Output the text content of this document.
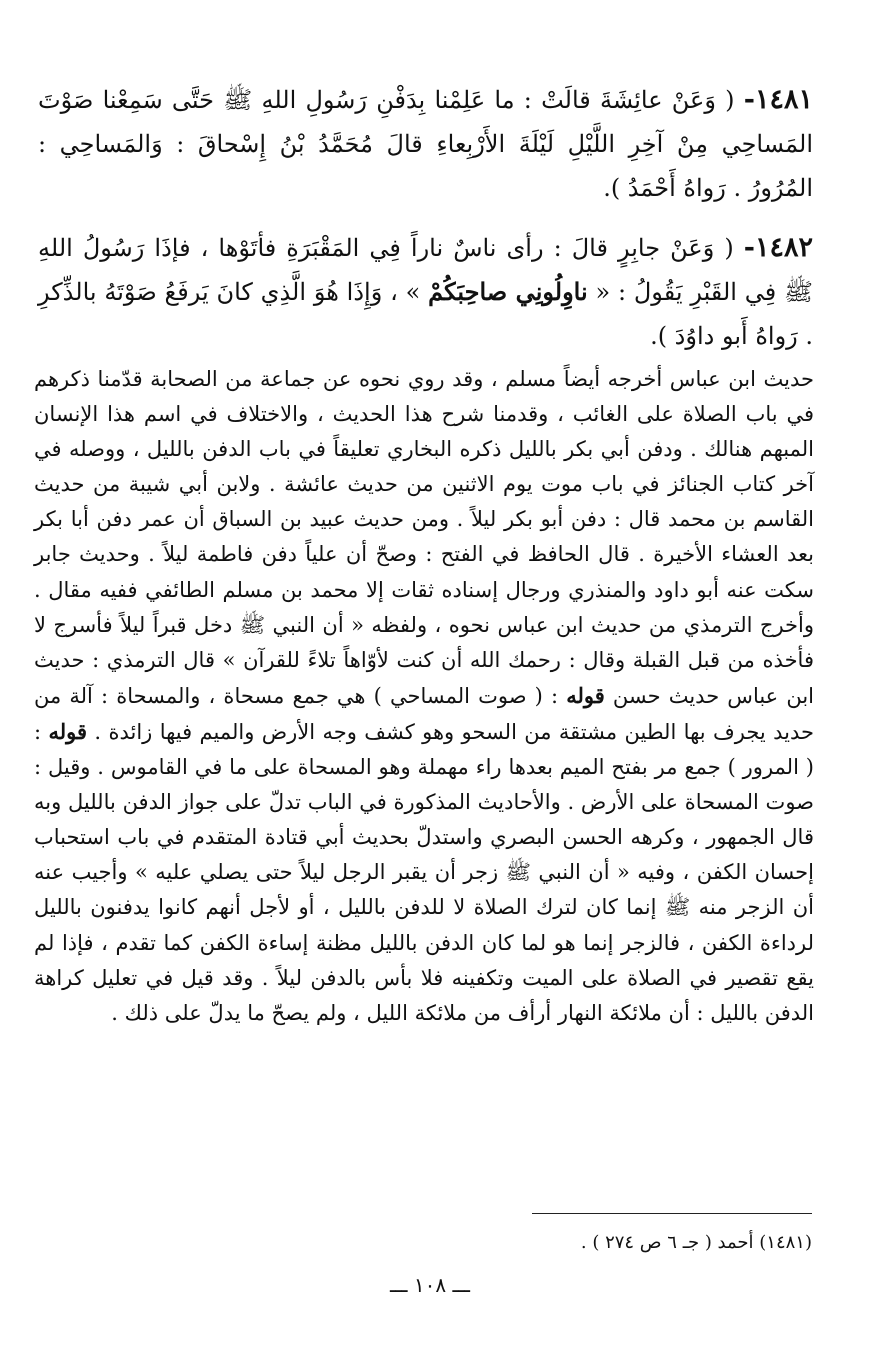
١٤٨١- ( وَعَنْ عائِشَةَ قالَتْ : ما عَلِمْنا بِدَفْنِ رَسُولِ اللهِ ﷺ حَتَّى سَمِعْنا صَوْتَ المَساحِي مِنْ آخِرِ اللَّيْلِ لَيْلَةَ الأَرْبِعاءِ قالَ مُحَمَّدُ بْنُ إِسْحاقَ : وَالمَساحِي : المُرُورُ . رَواهُ أَحْمَدُ ).
١٤٨٢- ( وَعَنْ جابِرٍ قالَ : رأى ناسٌ ناراً فِي المَقْبَرَةِ فأتَوْها ، فإذَا رَسُولُ اللهِ ﷺ فِي القَبْرِ يَقُولُ : « ناوِلُونِي صاحِبَكُمْ » ، وَإِذَا هُوَ الَّذِي كانَ يَرفَعُ صَوْتَهُ بالذِّكرِ . رَواهُ أَبو داوُدَ ).
حديث ابن عباس أخرجه أيضاً مسلم ، وقد روي نحوه عن جماعة من الصحابة قدّمنا ذكرهم في باب الصلاة على الغائب ، وقدمنا شرح هذا الحديث ، والاختلاف في اسم هذا الإنسان المبهم هنالك . ودفن أبي بكر بالليل ذكره البخاري تعليقاً في باب الدفن بالليل ، ووصله في آخر كتاب الجنائز في باب موت يوم الاثنين من حديث عائشة . ولابن أبي شيبة من حديث القاسم بن محمد قال : دفن أبو بكر ليلاً . ومن حديث عبيد بن السباق أن عمر دفن أبا بكر بعد العشاء الأخيرة . قال الحافظ في الفتح : وصحّ أن علياً دفن فاطمة ليلاً . وحديث جابر سكت عنه أبو داود والمنذري ورجال إسناده ثقات إلا محمد بن مسلم الطائفي ففيه مقال . وأخرج الترمذي من حديث ابن عباس نحوه ، ولفظه « أن النبي ﷺ دخل قبراً ليلاً فأسرج لا فأخذه من قبل القبلة وقال : رحمك الله أن كنت لأوّاهاً تلاءً للقرآن » قال الترمذي : حديث ابن عباس حديث حسن قوله : ( صوت المساحي ) هي جمع مسحاة ، والمسحاة : آلة من حديد يجرف بها الطين مشتقة من السحو وهو كشف وجه الأرض والميم فيها زائدة . قوله : ( المرور ) جمع مر بفتح الميم بعدها راء مهملة وهو المسحاة على ما في القاموس . وقيل : صوت المسحاة على الأرض . والأحاديث المذكورة في الباب تدلّ على جواز الدفن بالليل وبه قال الجمهور ، وكرهه الحسن البصري واستدلّ بحديث أبي قتادة المتقدم في باب استحباب إحسان الكفن ، وفيه « أن النبي ﷺ زجر أن يقبر الرجل ليلاً حتى يصلي عليه » وأجيب عنه أن الزجر منه ﷺ إنما كان لترك الصلاة لا للدفن بالليل ، أو لأجل أنهم كانوا يدفنون بالليل لرداءة الكفن ، فالزجر إنما هو لما كان الدفن بالليل مظنة إساءة الكفن كما تقدم ، فإذا لم يقع تقصير في الصلاة على الميت وتكفينه فلا بأس بالدفن ليلاً . وقد قيل في تعليل كراهة الدفن بالليل : أن ملائكة النهار أرأف من ملائكة الليل ، ولم يصحّ ما يدلّ على ذلك .
(١٤٨١) أحمد ( جـ ٦ ص ٢٧٤ ) .
ـــ ١٠٨ ـــ
